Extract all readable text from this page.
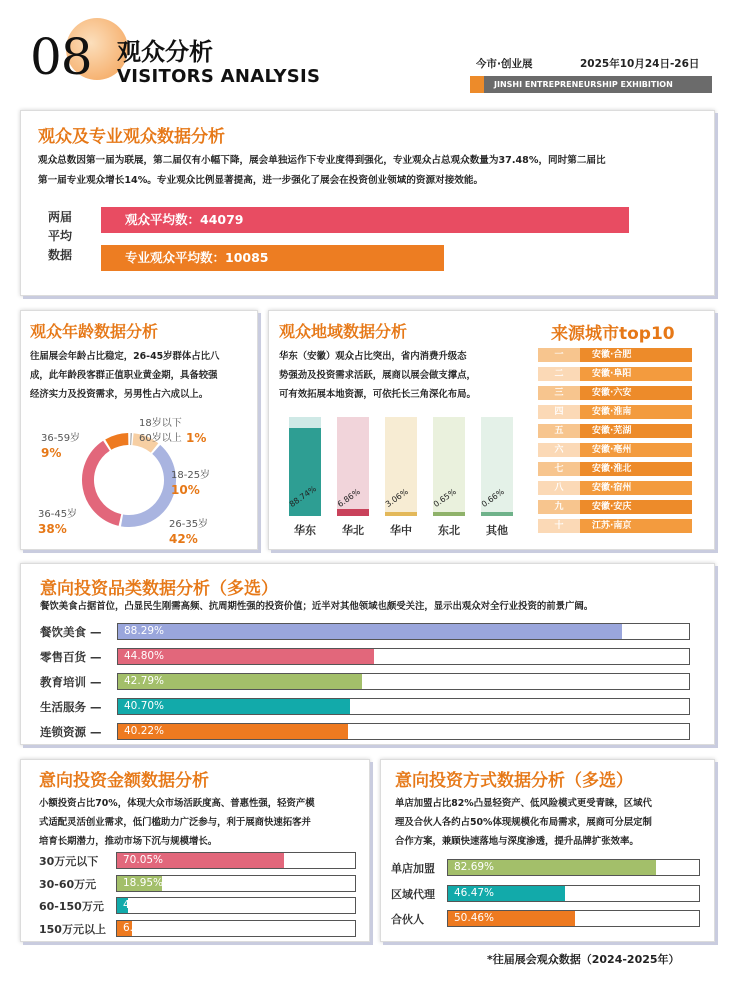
08 观众分析
VISITORS ANALYSIS
今市·创业展	2025年10月24日-26日
JINSHI ENTREPRENEURSHIP EXHIBITION
观众及专业观众数据分析
观众总数因第一届为联展，第二届仅有小幅下降，展会单独运作下专业度得到强化，专业观众占总观众数量为37.48%，同时第二届比
第一届专业观众增长14%。专业观众比例显著提高，进一步强化了展会在投资创业领域的资源对接效能。
两届
平均
数据
观众平均数：44079
专业观众平均数：10085
观众年龄数据分析
往届展会年龄占比稳定，26-45岁群体占比八
成，此年龄段客群正值职业黄金期，具备较强
经济实力及投资需求，另男性占六成以上。
18岁以下
60岁以上 1%
36-59岁
9%
18-25岁
10%
36-45岁
38%	26-35岁
42%
观众地域数据分析
华东（安徽）观众占比突出，省内消费升级态
势强劲及投资需求活跃，展商以展会做支撑点，
可有效拓展本地资源，可依托长三角深化布局。
88.74%
华东
6.86%
华北
3.06%
华中
0.65%
东北
0.66%
其他
来源城市top10
一	安徽·合肥
二	安徽·阜阳
三	安徽·六安
四	安徽·淮南
五	安徽·芜湖
六	安徽·亳州
七	安徽·淮北
八	安徽·宿州
九	安徽·安庆
十	江苏·南京
意向投资品类数据分析（多选）
餐饮美食占据首位，凸显民生刚需高频、抗周期性强的投资价值；近半对其他领域也颇受关注，显示出观众对全行业投资的前景广阔。
餐饮美食 — 88.29%
零售百货 — 44.80%
教育培训 — 42.79%
生活服务 — 40.70%
连锁资源 — 40.22%
意向投资金额数据分析
小额投资占比70%，体现大众市场活跃度高、普惠性强，轻资产模
式适配灵活创业需求，低门槛助力广泛参与，利于展商快速拓客并
培育长期潜力，推动市场下沉与规模增长。
30万元以下 70.05%
30-60万元	18.95%
60-150万元 4.55%
150万元以上 6.45%
意向投资方式数据分析（多选）
单店加盟占比82%凸显轻资产、低风险模式更受青睐，区域代
理及合伙人各约占50%体现规模化布局需求，展商可分层定制
合作方案，兼顾快速落地与深度渗透，提升品牌扩张效率。
单店加盟 82.69%
区域代理 46.47%
合伙人	50.46%
*往届展会观众数据（2024-2025年）
